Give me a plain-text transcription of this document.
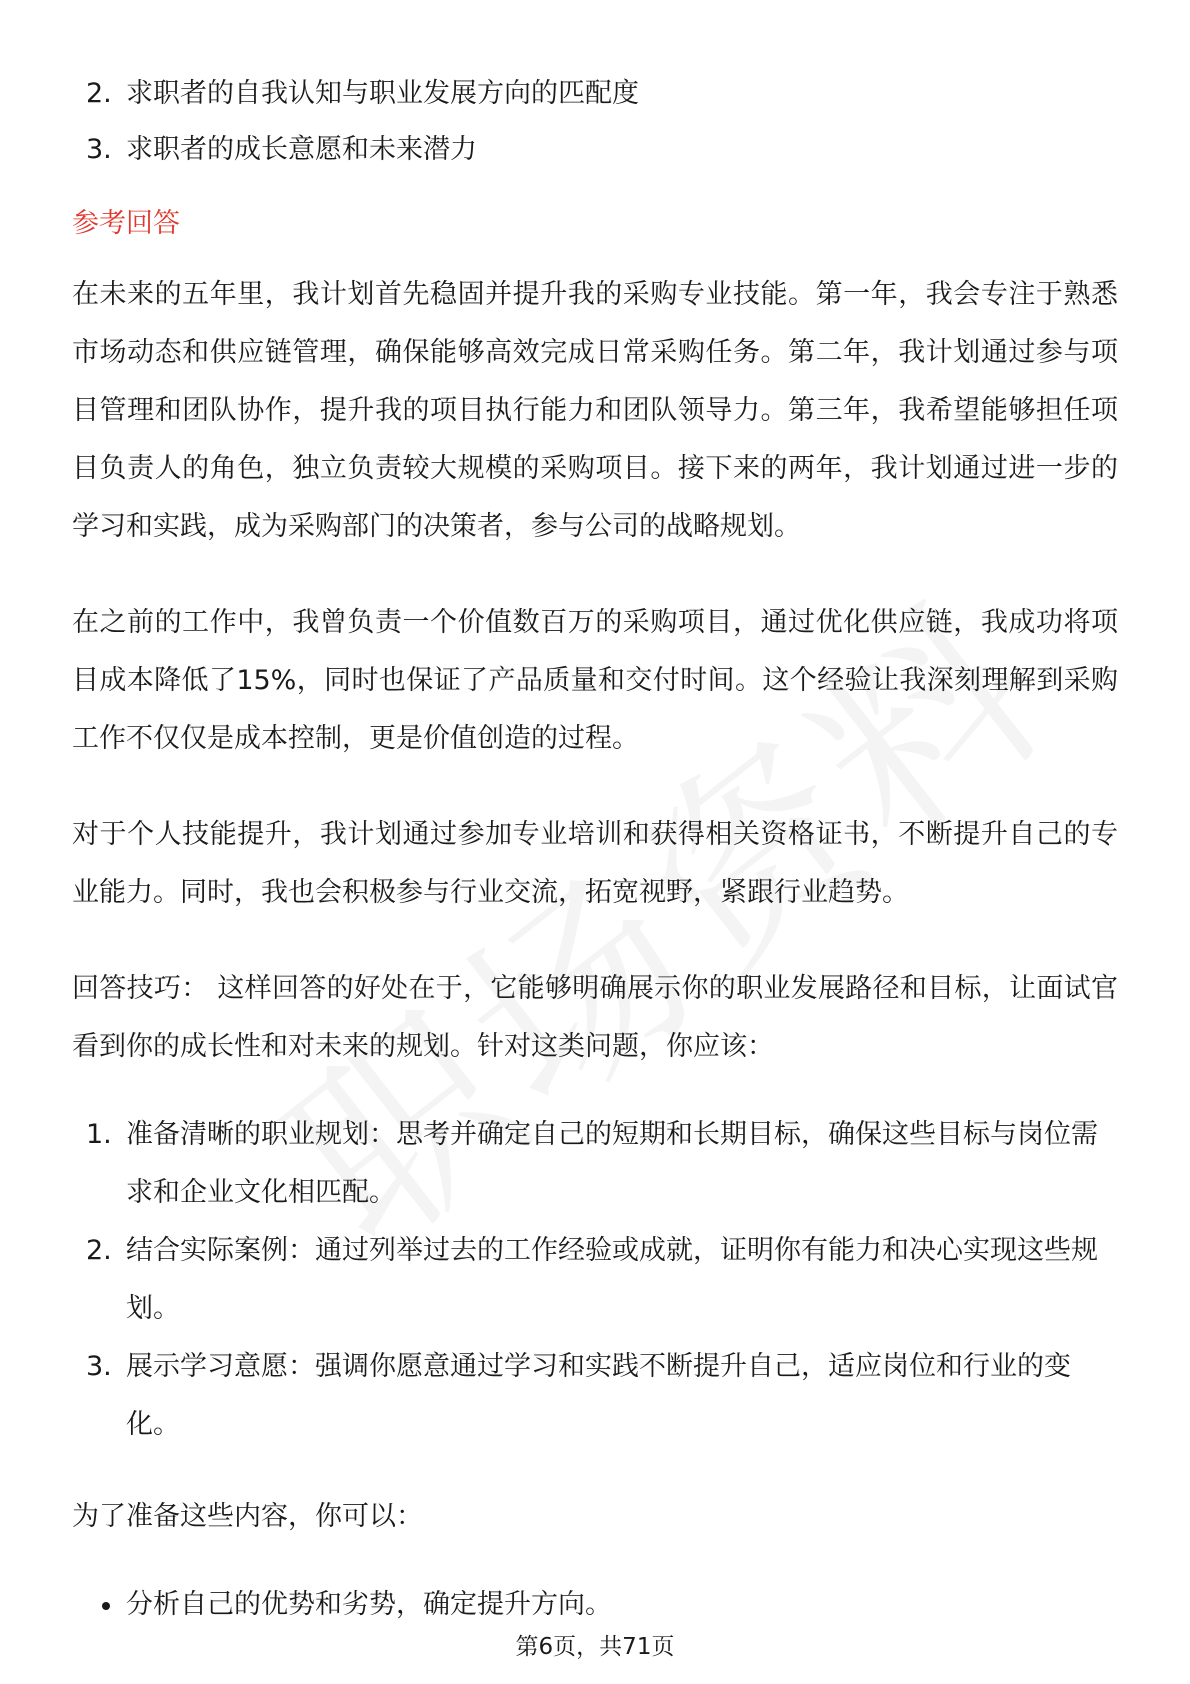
2. 求职者的自我认知与职业发展方向的匹配度
3. 求职者的成长意愿和未来潜力
参考回答

在未来的五年里，我计划首先稳固并提升我的采购专业技能。第一年，我会专注于熟悉市场动态和供应链管理，确保能够高效完成日常采购任务。第二年，我计划通过参与项目管理和团队协作，提升我的项目执行能力和团队领导力。第三年，我希望能够担任项目负责人的角色，独立负责较大规模的采购项目。接下来的两年，我计划通过进一步的学习和实践，成为采购部门的决策者，参与公司的战略规划。

在之前的工作中，我曾负责一个价值数百万的采购项目，通过优化供应链，我成功将项目成本降低了15%，同时也保证了产品质量和交付时间。这个经验让我深刻理解到采购工作不仅仅是成本控制，更是价值创造的过程。

对于个人技能提升，我计划通过参加专业培训和获得相关资格证书，不断提升自己的专业能力。同时，我也会积极参与行业交流，拓宽视野，紧跟行业趋势。

回答技巧： 这样回答的好处在于，它能够明确展示你的职业发展路径和目标，让面试官看到你的成长性和对未来的规划。针对这类问题，你应该：

1. 准备清晰的职业规划：思考并确定自己的短期和长期目标，确保这些目标与岗位需求和企业文化相匹配。
2. 结合实际案例：通过列举过去的工作经验或成就，证明你有能力和决心实现这些规划。
3. 展示学习意愿：强调你愿意通过学习和实践不断提升自己，适应岗位和行业的变化。

为了准备这些内容，你可以：

分析自己的优势和劣势，确定提升方向。
第6页，共71页
